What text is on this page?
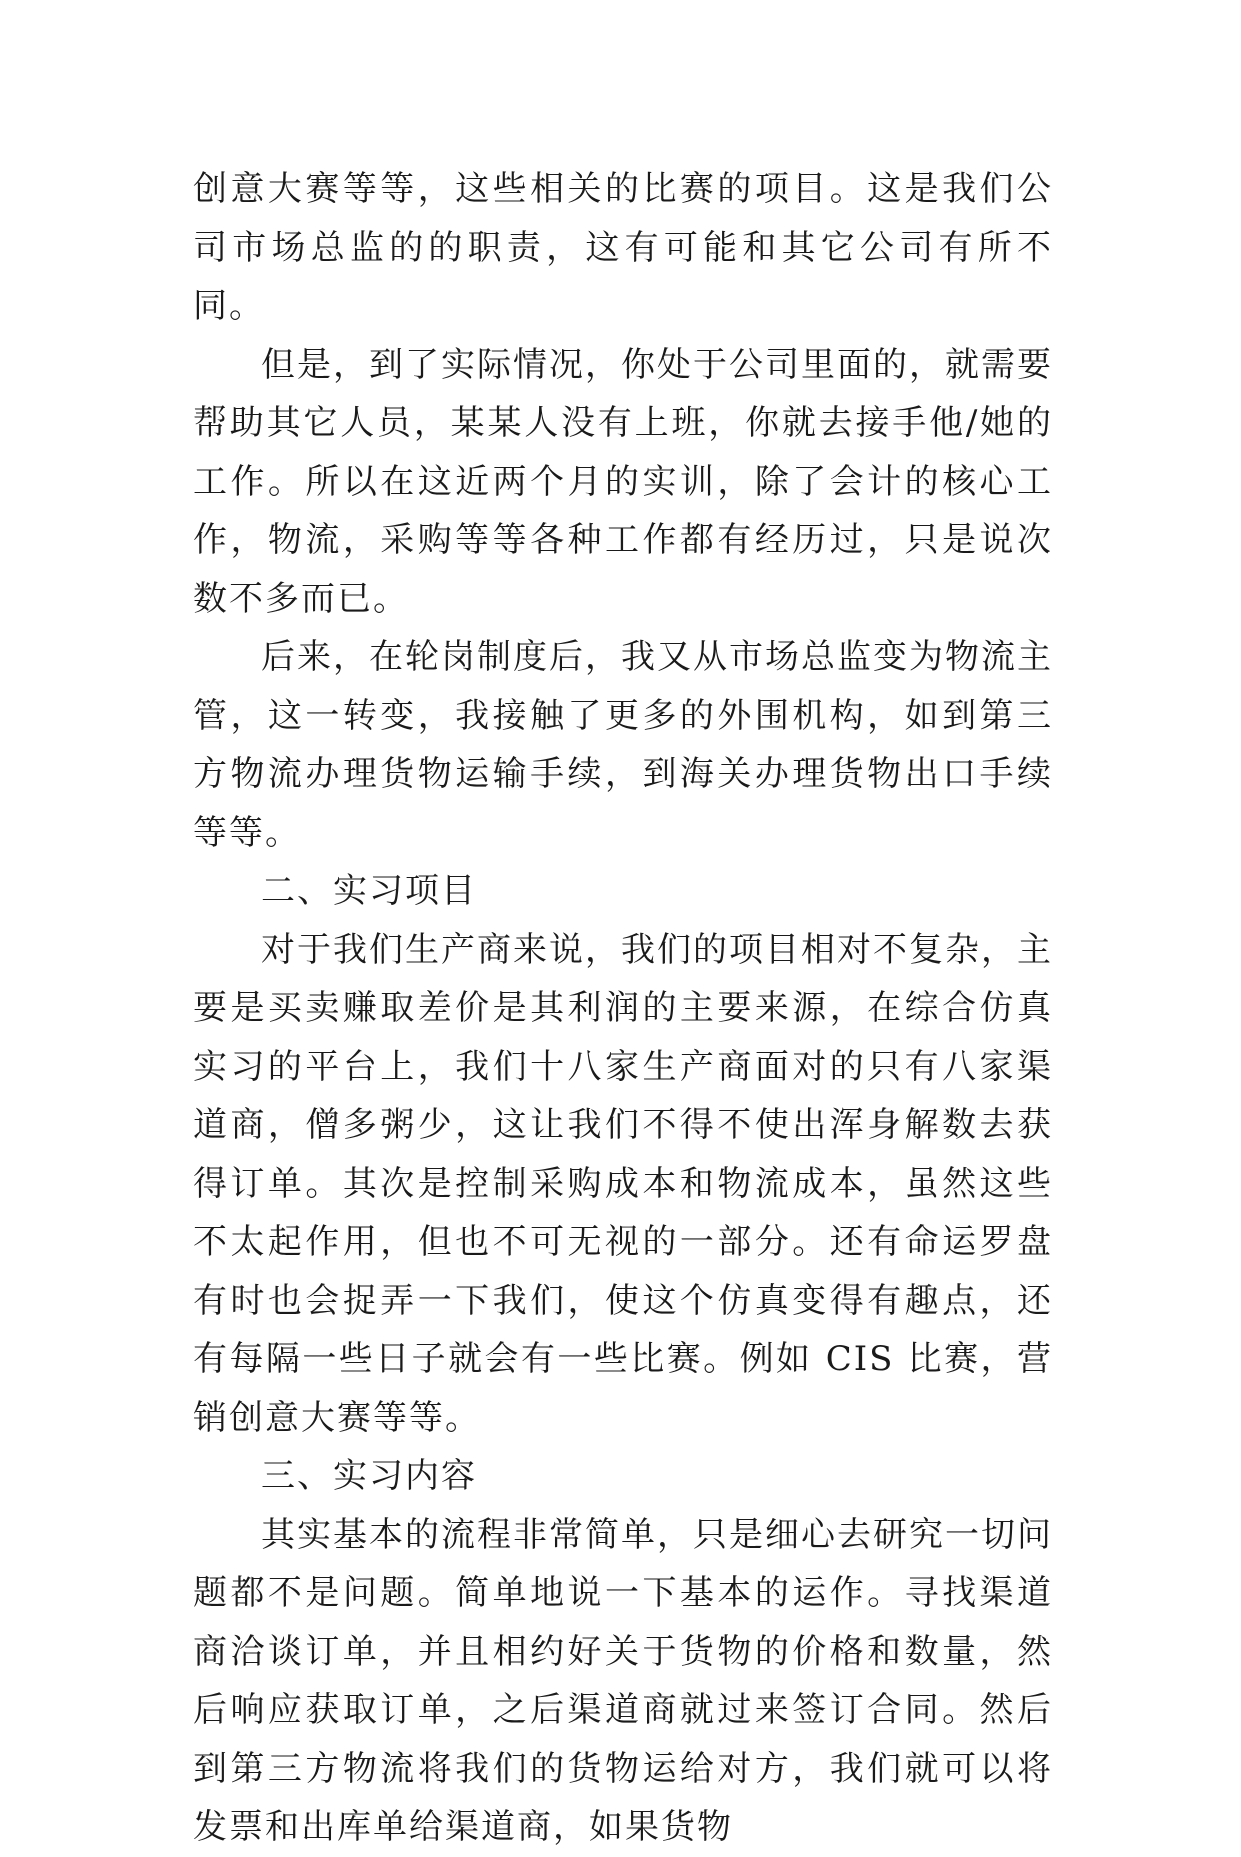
创意大赛等等，这些相关的比赛的项目。这是我们公司市场总监的的职责，这有可能和其它公司有所不同。

但是，到了实际情况，你处于公司里面的，就需要帮助其它人员，某某人没有上班，你就去接手他/她的工作。所以在这近两个月的实训，除了会计的核心工作，物流，采购等等各种工作都有经历过，只是说次数不多而已。

后来，在轮岗制度后，我又从市场总监变为物流主管，这一转变，我接触了更多的外围机构，如到第三方物流办理货物运输手续，到海关办理货物出口手续等等。

二、实习项目

对于我们生产商来说，我们的项目相对不复杂，主要是买卖赚取差价是其利润的主要来源，在综合仿真实习的平台上，我们十八家生产商面对的只有八家渠道商，僧多粥少，这让我们不得不使出浑身解数去获得订单。其次是控制采购成本和物流成本，虽然这些不太起作用，但也不可无视的一部分。还有命运罗盘有时也会捉弄一下我们，使这个仿真变得有趣点，还有每隔一些日子就会有一些比赛。例如 CIS 比赛，营销创意大赛等等。

三、实习内容

其实基本的流程非常简单，只是细心去研究一切问题都不是问题。简单地说一下基本的运作。寻找渠道商洽谈订单，并且相约好关于货物的价格和数量，然后响应获取订单，之后渠道商就过来签订合同。然后到第三方物流将我们的货物运给对方，我们就可以将发票和出库单给渠道商，如果货物
